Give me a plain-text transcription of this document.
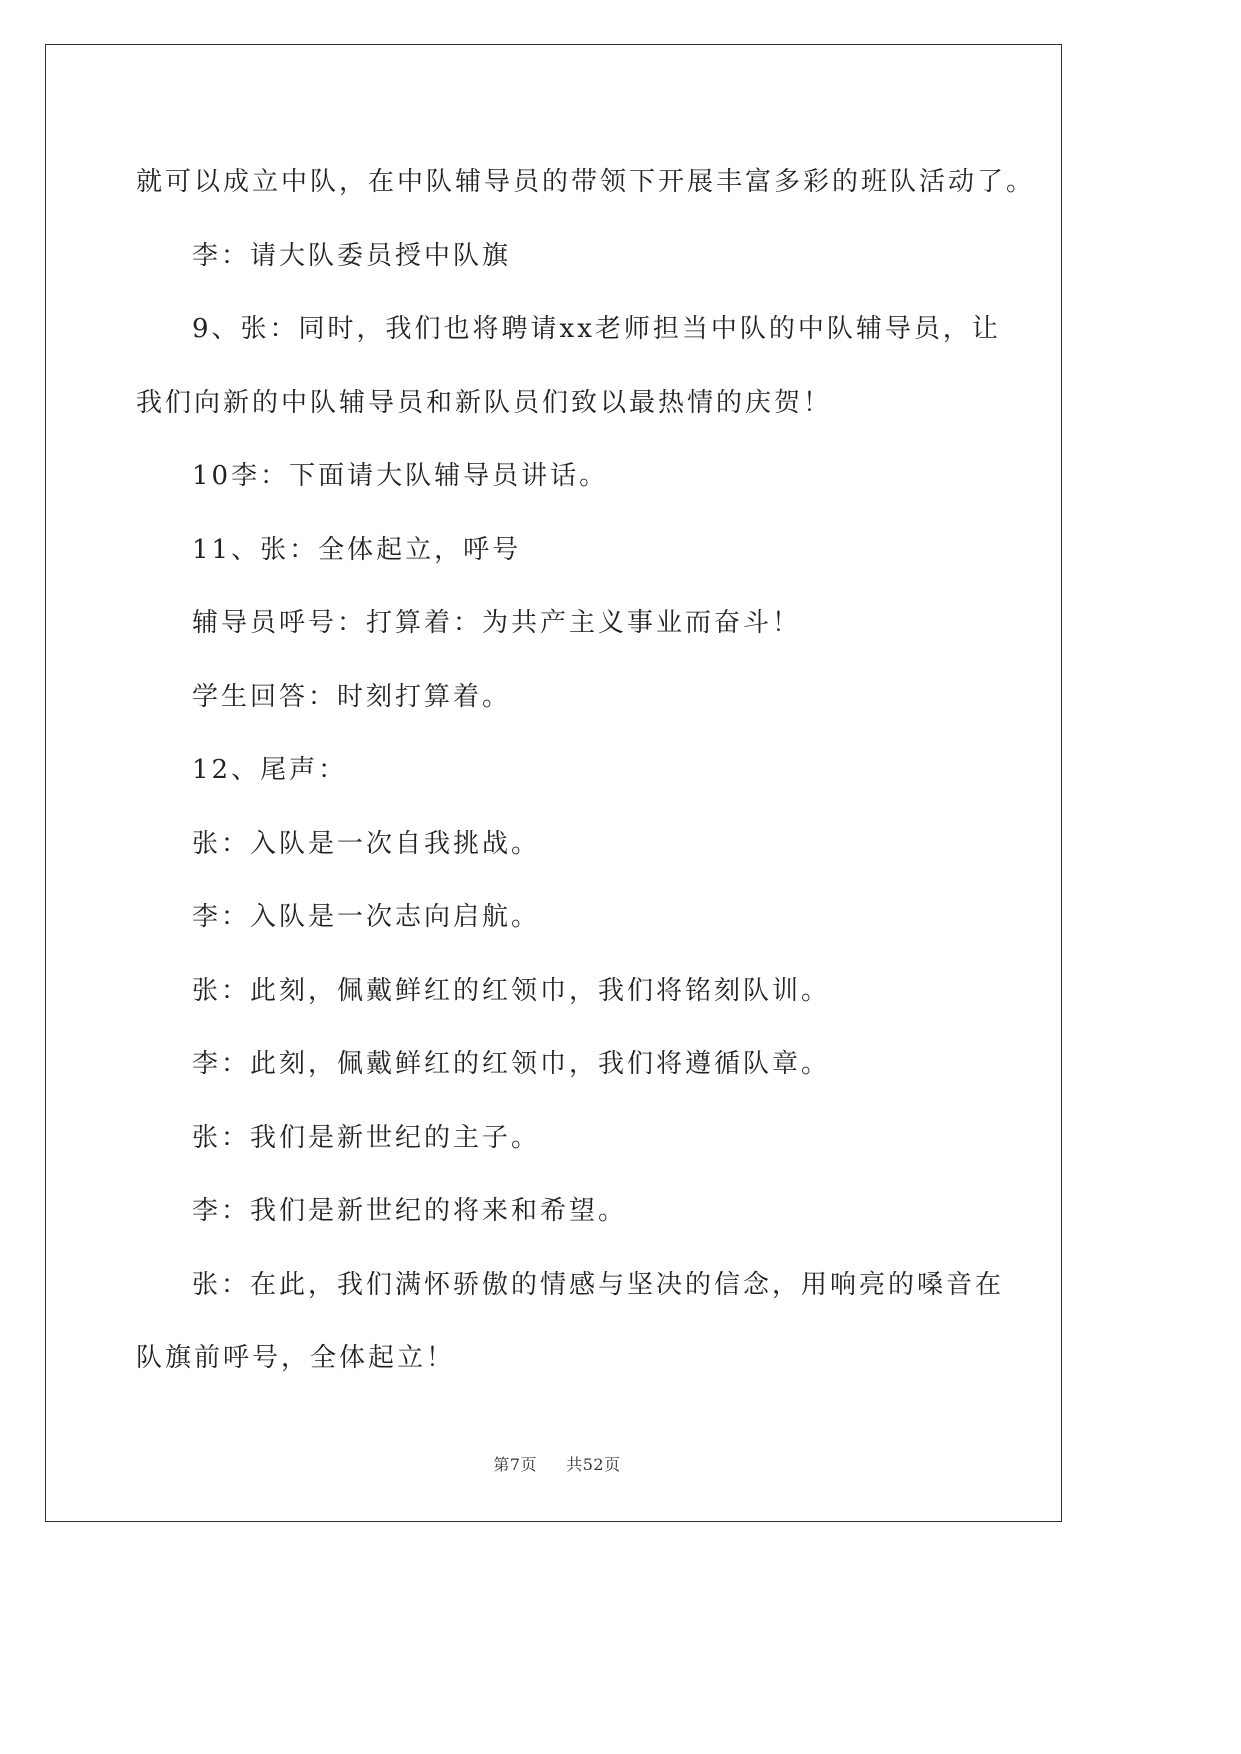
就可以成立中队，在中队辅导员的带领下开展丰富多彩的班队活动了。

李：请大队委员授中队旗

9、张：同时，我们也将聘请xx老师担当中队的中队辅导员，让

我们向新的中队辅导员和新队员们致以最热情的庆贺！

10李：下面请大队辅导员讲话。

11、张：全体起立，呼号

辅导员呼号：打算着：为共产主义事业而奋斗！

学生回答：时刻打算着。

12、尾声：

张：入队是一次自我挑战。

李：入队是一次志向启航。

张：此刻，佩戴鲜红的红领巾，我们将铭刻队训。

李：此刻，佩戴鲜红的红领巾，我们将遵循队章。

张：我们是新世纪的主子。

李：我们是新世纪的将来和希望。

张：在此，我们满怀骄傲的情感与坚决的信念，用响亮的嗓音在

队旗前呼号，全体起立！

第7页 共52页
